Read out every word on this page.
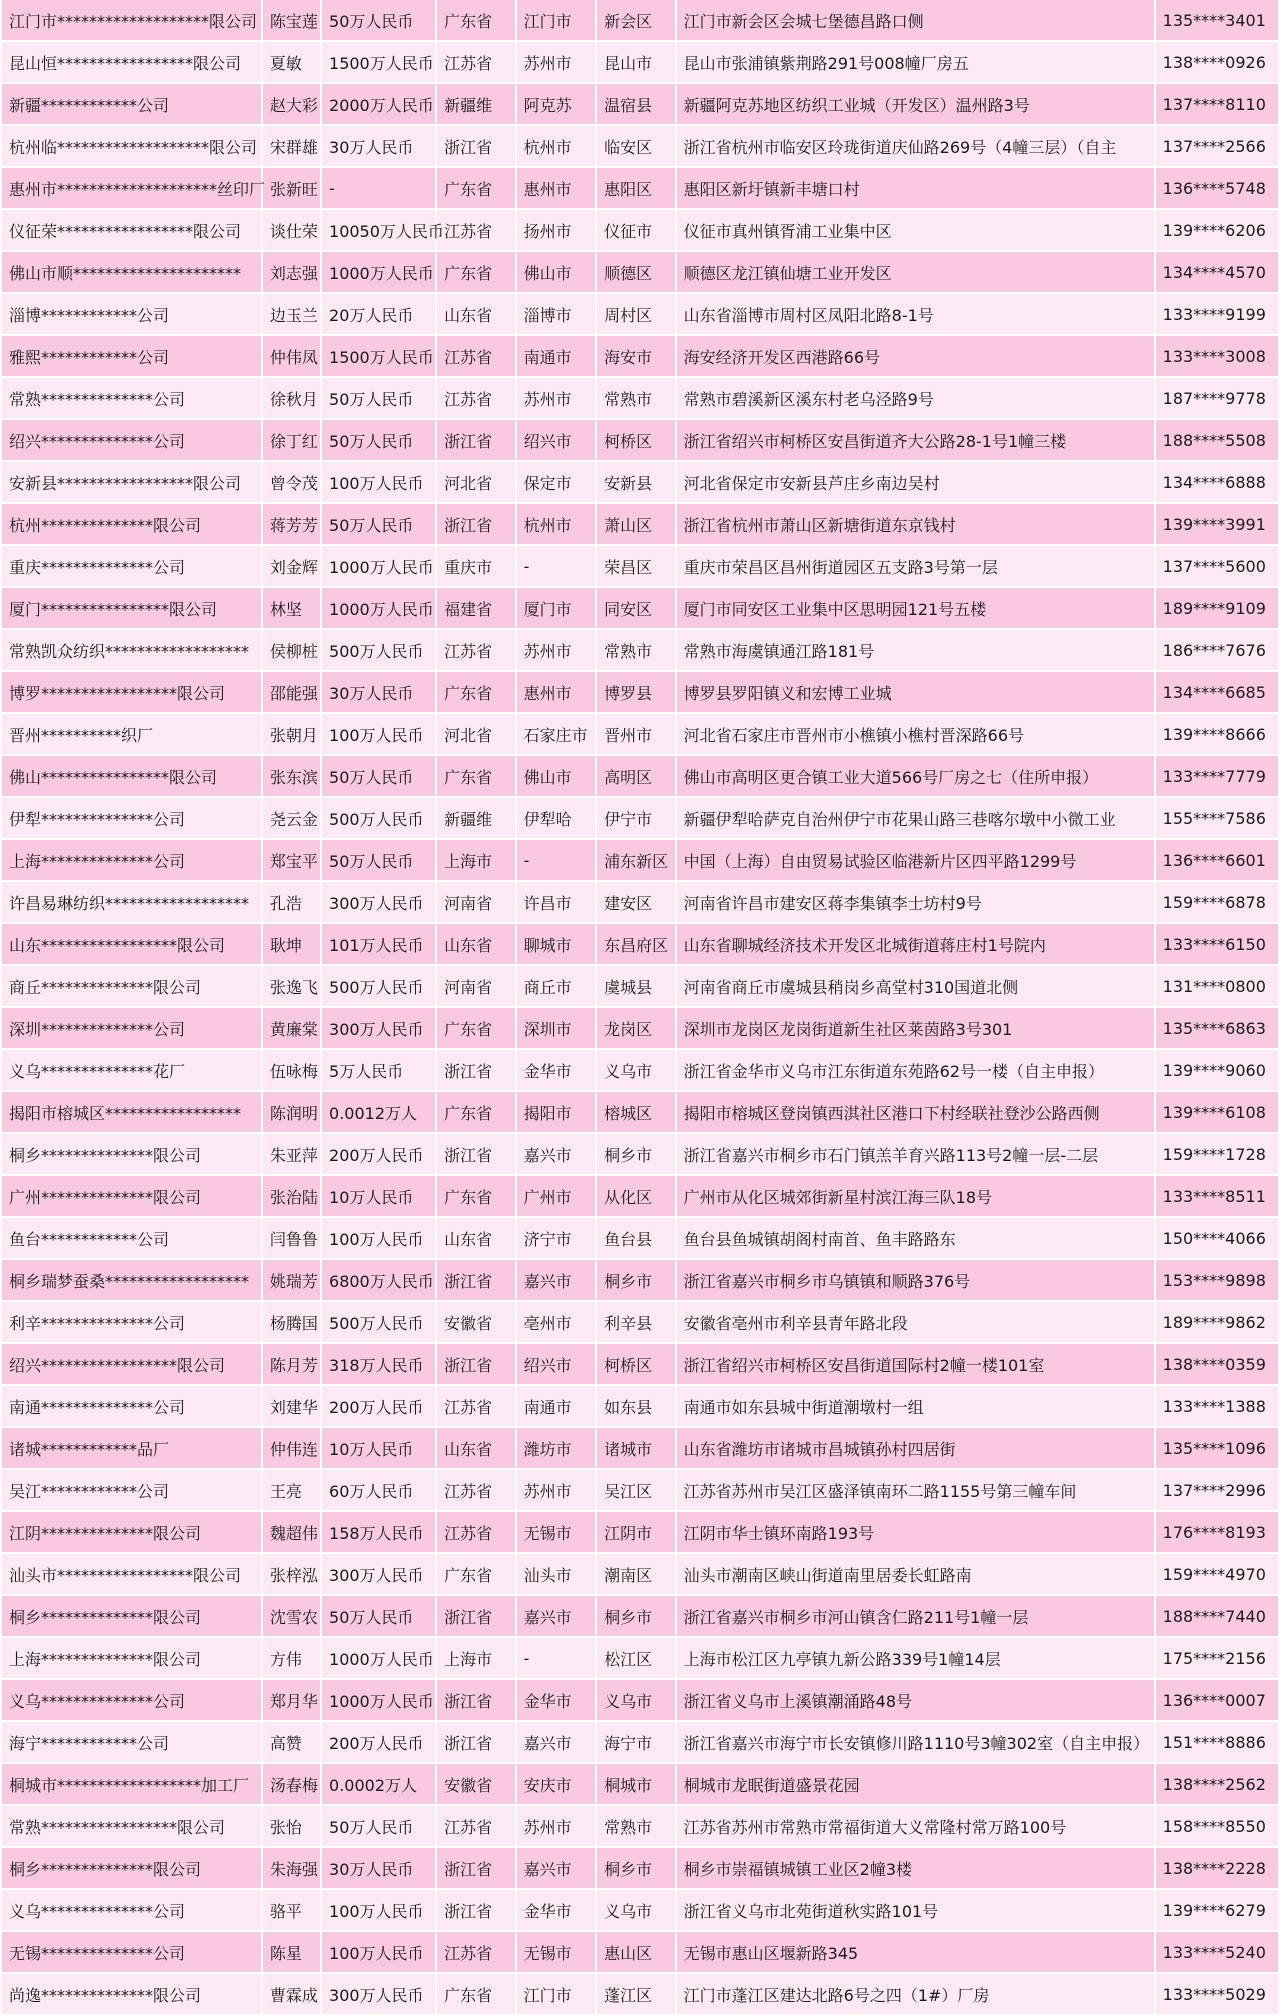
江门市*******************限公司	陈宝莲	50万人民币	广东省	江门市	新会区	江门市新会区会城七堡德昌路口侧	135****3401
昆山恒*****************限公司	夏敏	1500万人民币	江苏省	苏州市	昆山市	昆山市张浦镇紫荆路291号008幢厂房五	138****0926
新疆************公司	赵大彩	2000万人民币	新疆维	阿克苏	温宿县	新疆阿克苏地区纺织工业城（开发区）温州路3号	137****8110
杭州临*******************限公司	宋群雄	30万人民币	浙江省	杭州市	临安区	浙江省杭州市临安区玲珑街道庆仙路269号（4幢三层）（自主	137****2566
惠州市********************丝印厂	张新旺	-	广东省	惠州市	惠阳区	惠阳区新圩镇新丰塘口村	136****5748
仪征荣*****************限公司	谈仕荣	10050万人民币	江苏省	扬州市	仪征市	仪征市真州镇胥浦工业集中区	139****6206
佛山市顺*********************	刘志强	1000万人民币	广东省	佛山市	顺德区	顺德区龙江镇仙塘工业开发区	134****4570
淄博************公司	边玉兰	20万人民币	山东省	淄博市	周村区	山东省淄博市周村区凤阳北路8-1号	133****9199
雅熙************公司	仲伟凤	1500万人民币	江苏省	南通市	海安市	海安经济开发区西港路66号	133****3008
常熟**************公司	徐秋月	50万人民币	江苏省	苏州市	常熟市	常熟市碧溪新区溪东村老乌泾路9号	187****9778
绍兴**************公司	徐丁红	50万人民币	浙江省	绍兴市	柯桥区	浙江省绍兴市柯桥区安昌街道齐大公路28-1号1幢三楼	188****5508
安新县*****************限公司	曾令茂	100万人民币	河北省	保定市	安新县	河北省保定市安新县芦庄乡南边吴村	134****6888
杭州**************限公司	蒋芳芳	50万人民币	浙江省	杭州市	萧山区	浙江省杭州市萧山区新塘街道东京钱村	139****3991
重庆**************公司	刘金辉	1000万人民币	重庆市	-	荣昌区	重庆市荣昌区昌州街道园区五支路3号第一层	137****5600
厦门****************限公司	林坚	1000万人民币	福建省	厦门市	同安区	厦门市同安区工业集中区思明园121号五楼	189****9109
常熟凯众纺织******************	侯柳桩	500万人民币	江苏省	苏州市	常熟市	常熟市海虞镇通江路181号	186****7676
博罗*****************限公司	邵能强	30万人民币	广东省	惠州市	博罗县	博罗县罗阳镇义和宏博工业城	134****6685
晋州**********织厂	张朝月	100万人民币	河北省	石家庄市	晋州市	河北省石家庄市晋州市小樵镇小樵村晋深路66号	139****8666
佛山****************限公司	张东滨	50万人民币	广东省	佛山市	高明区	佛山市高明区更合镇工业大道566号厂房之七（住所申报）	133****7779
伊犁**************公司	尧云金	500万人民币	新疆维	伊犁哈	伊宁市	新疆伊犁哈萨克自治州伊宁市花果山路三巷喀尔墩中小微工业	155****7586
上海**************公司	郑宝平	50万人民币	上海市	-	浦东新区	中国（上海）自由贸易试验区临港新片区四平路1299号	136****6601
许昌易琳纺织******************	孔浩	300万人民币	河南省	许昌市	建安区	河南省许昌市建安区蒋李集镇李士坊村9号	159****6878
山东*****************限公司	耿坤	101万人民币	山东省	聊城市	东昌府区	山东省聊城经济技术开发区北城街道蒋庄村1号院内	133****6150
商丘**************限公司	张逸飞	500万人民币	河南省	商丘市	虞城县	河南省商丘市虞城县稍岗乡高堂村310国道北侧	131****0800
深圳**************公司	黄廉棠	300万人民币	广东省	深圳市	龙岗区	深圳市龙岗区龙岗街道新生社区莱茵路3号301	135****6863
义乌**************花厂	伍咏梅	5万人民币	浙江省	金华市	义乌市	浙江省金华市义乌市江东街道东苑路62号一楼（自主申报）	139****9060
揭阳市榕城区*****************	陈润明	0.0012万人	广东省	揭阳市	榕城区	揭阳市榕城区登岗镇西淇社区港口下村经联社登沙公路西侧	139****6108
桐乡**************限公司	朱亚萍	200万人民币	浙江省	嘉兴市	桐乡市	浙江省嘉兴市桐乡市石门镇羔羊育兴路113号2幢一层-二层	159****1728
广州**************限公司	张治陆	10万人民币	广东省	广州市	从化区	广州市从化区城郊街新星村滨江海三队18号	133****8511
鱼台************公司	闫鲁鲁	100万人民币	山东省	济宁市	鱼台县	鱼台县鱼城镇胡阁村南首、鱼丰路路东	150****4066
桐乡瑞梦蚕桑******************	姚瑞芳	6800万人民币	浙江省	嘉兴市	桐乡市	浙江省嘉兴市桐乡市乌镇镇和顺路376号	153****9898
利辛**************公司	杨腾国	500万人民币	安徽省	亳州市	利辛县	安徽省亳州市利辛县青年路北段	189****9862
绍兴*****************限公司	陈月芳	318万人民币	浙江省	绍兴市	柯桥区	浙江省绍兴市柯桥区安昌街道国际村2幢一楼101室	138****0359
南通**************公司	刘建华	200万人民币	江苏省	南通市	如东县	南通市如东县城中街道潮墩村一组	133****1388
诸城************品厂	仲伟连	10万人民币	山东省	潍坊市	诸城市	山东省潍坊市诸城市昌城镇孙村四居街	135****1096
吴江************公司	王亮	60万人民币	江苏省	苏州市	吴江区	江苏省苏州市吴江区盛泽镇南环二路1155号第三幢车间	137****2996
江阴**************限公司	魏超伟	158万人民币	江苏省	无锡市	江阴市	江阴市华士镇环南路193号	176****8193
汕头市*****************限公司	张梓泓	300万人民币	广东省	汕头市	潮南区	汕头市潮南区峡山街道南里居委长虹路南	159****4970
桐乡**************限公司	沈雪农	50万人民币	浙江省	嘉兴市	桐乡市	浙江省嘉兴市桐乡市河山镇含仁路211号1幢一层	188****7440
上海**************限公司	方伟	1000万人民币	上海市	-	松江区	上海市松江区九亭镇九新公路339号1幢14层	175****2156
义乌**************公司	郑月华	1000万人民币	浙江省	金华市	义乌市	浙江省义乌市上溪镇潮涌路48号	136****0007
海宁************公司	高赞	200万人民币	浙江省	嘉兴市	海宁市	浙江省嘉兴市海宁市长安镇修川路1110号3幢302室（自主申报）	151****8886
桐城市******************加工厂	汤春梅	0.0002万人	安徽省	安庆市	桐城市	桐城市龙眠街道盛景花园	138****2562
常熟*****************限公司	张怡	50万人民币	江苏省	苏州市	常熟市	江苏省苏州市常熟市常福街道大义常隆村常万路100号	158****8550
桐乡**************限公司	朱海强	30万人民币	浙江省	嘉兴市	桐乡市	桐乡市崇福镇城镇工业区2幢3楼	138****2228
义乌**************公司	骆平	100万人民币	浙江省	金华市	义乌市	浙江省义乌市北苑街道秋实路101号	139****6279
无锡**************公司	陈星	100万人民币	江苏省	无锡市	惠山区	无锡市惠山区堰新路345	133****5240
尚逸**************限公司	曹霖成	300万人民币	广东省	江门市	蓬江区	江门市蓬江区建达北路6号之四（1#）厂房	133****5029
